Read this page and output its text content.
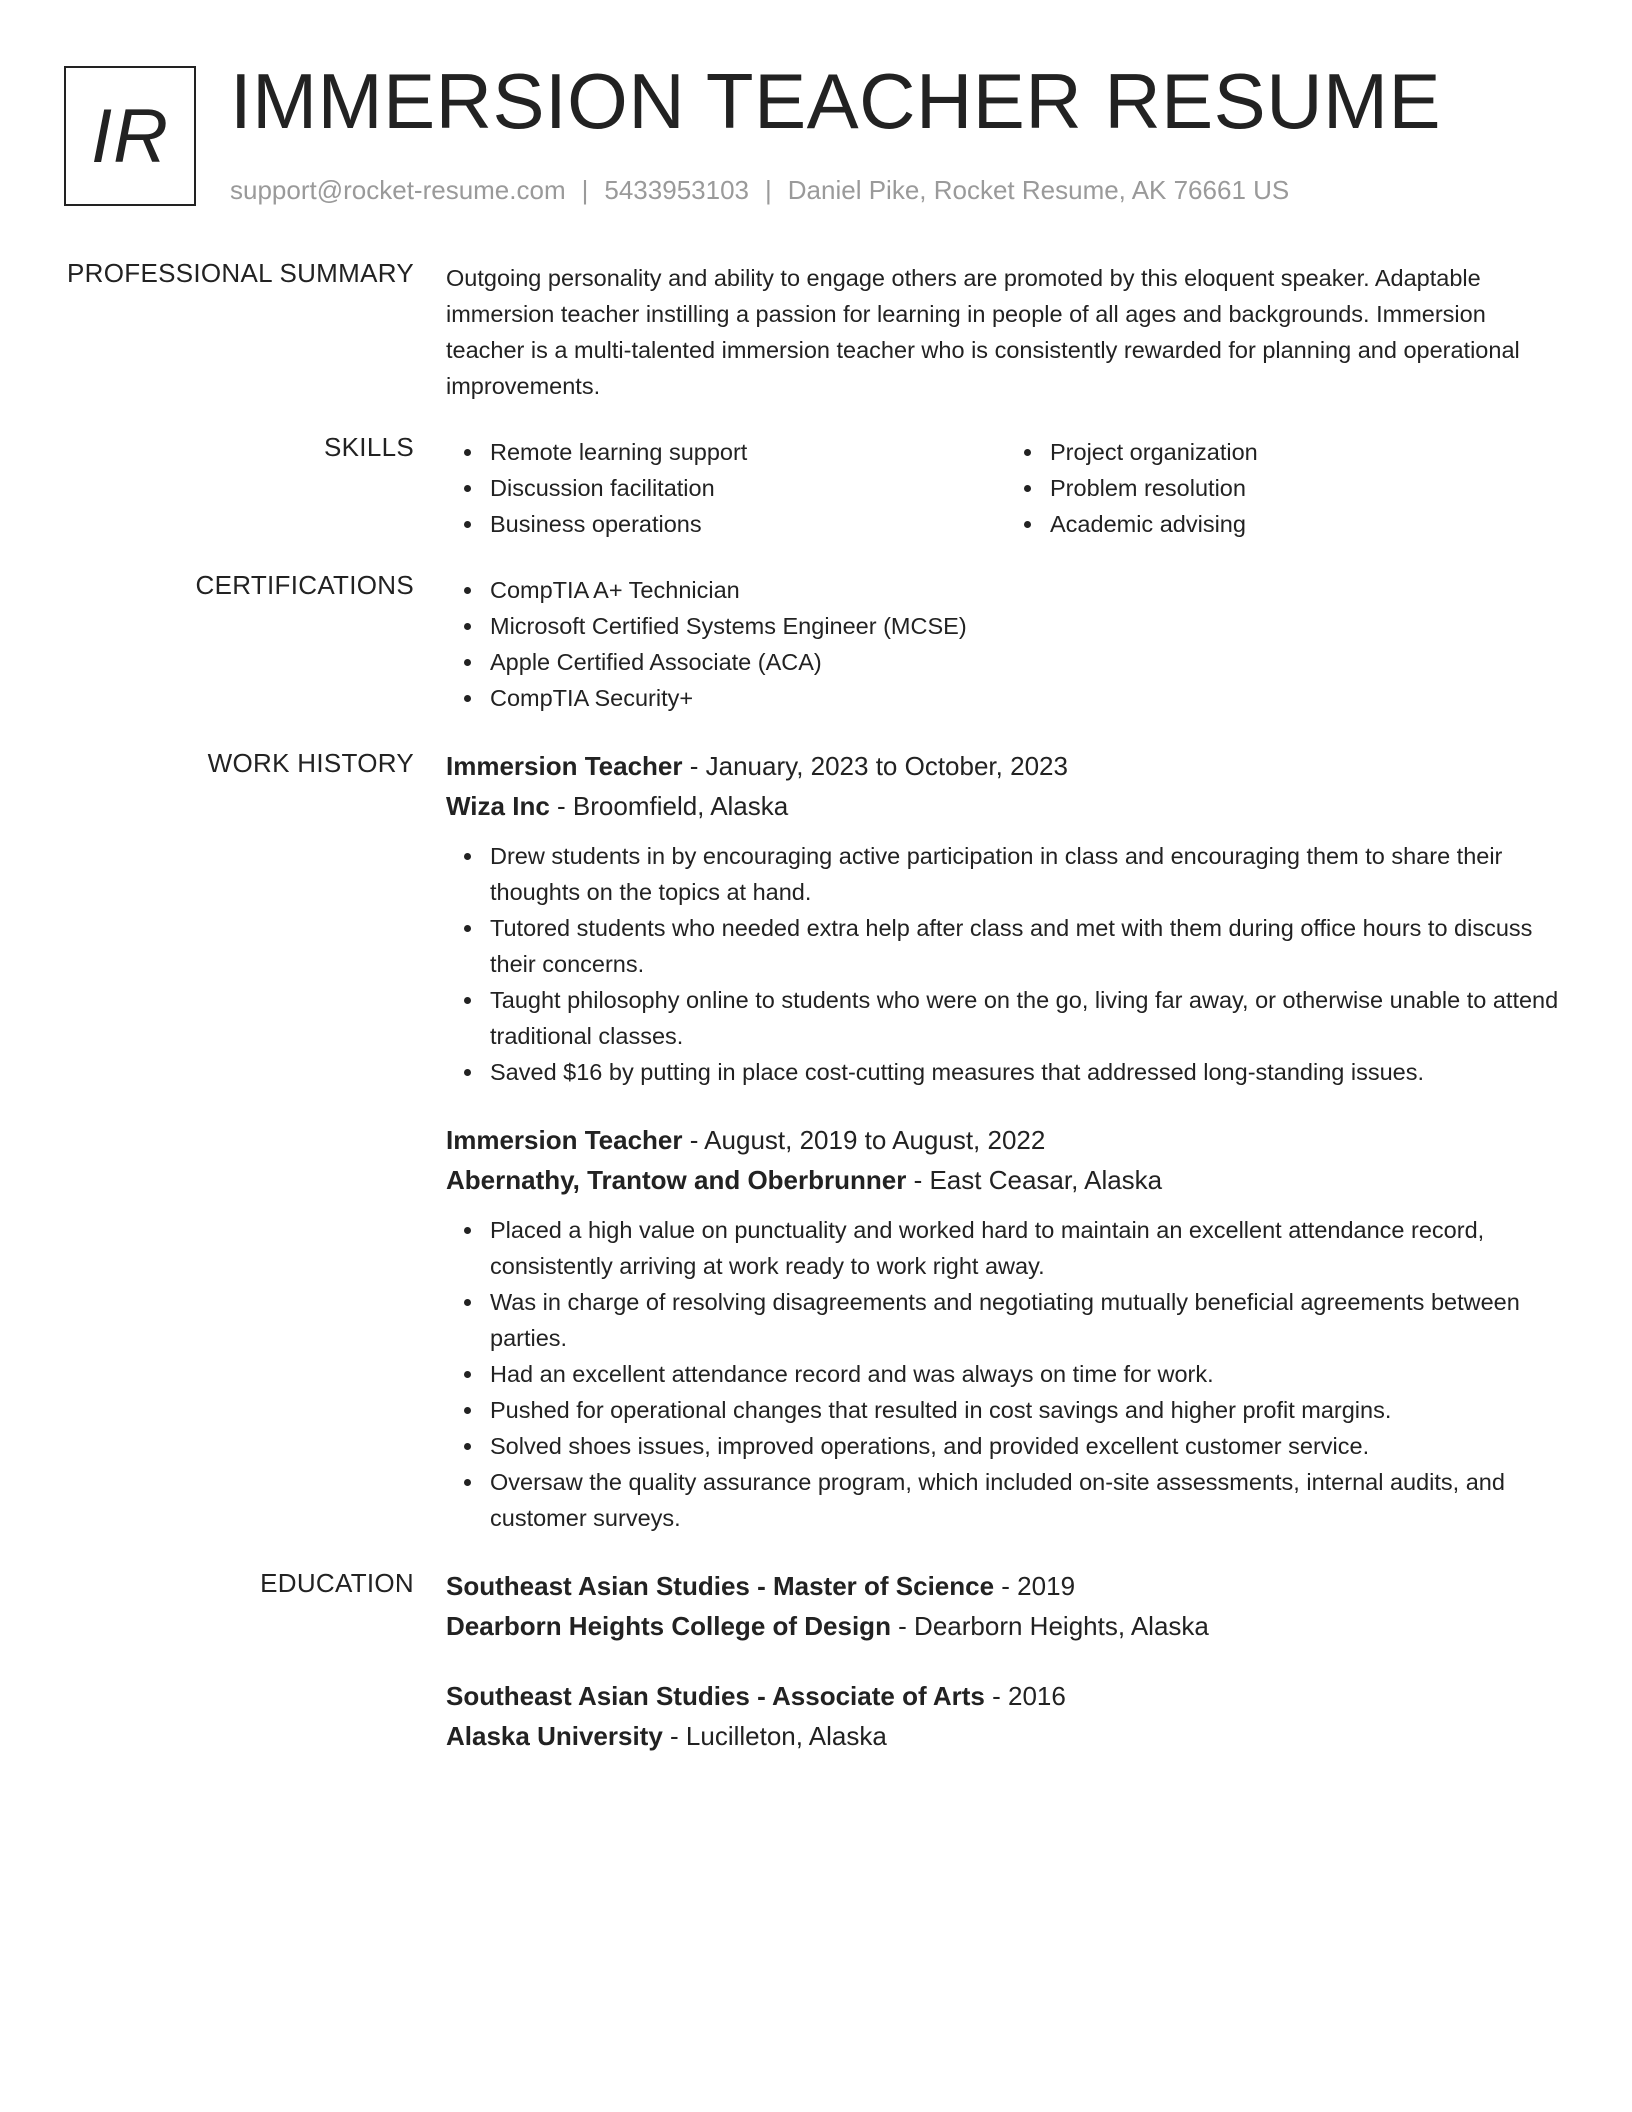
IR IMMERSION TEACHER RESUME
support@rocket-resume.com | 5433953103 | Daniel Pike, Rocket Resume, AK 76661 US
PROFESSIONAL SUMMARY Outgoing personality and ability to engage others are promoted by this eloquent speaker. Adaptable immersion teacher instilling a passion for learning in people of all ages and backgrounds. Immersion teacher is a multi-talented immersion teacher who is consistently rewarded for planning and operational improvements.

SKILLS	Remote learning support
Discussion facilitation
Business operations
Project organization
Problem resolution
Academic advising
CERTIFICATIONS	CompTIA A+ Technician
Microsoft Certified Systems Engineer (MCSE)
Apple Certified Associate (ACA)
CompTIA Security+
WORK HISTORY Immersion Teacher - January, 2023 to October, 2023
Wiza Inc - Broomfield, Alaska
Drew students in by encouraging active participation in class and encouraging them to share their thoughts on the topics at hand.
Tutored students who needed extra help after class and met with them during office hours to discuss their concerns.
Taught philosophy online to students who were on the go, living far away, or otherwise unable to attend traditional classes.
Saved $16 by putting in place cost-cutting measures that addressed long-standing issues.
Immersion Teacher - August, 2019 to August, 2022
Abernathy, Trantow and Oberbrunner - East Ceasar, Alaska
Placed a high value on punctuality and worked hard to maintain an excellent attendance record, consistently arriving at work ready to work right away.
Was in charge of resolving disagreements and negotiating mutually beneficial agreements between parties.
Had an excellent attendance record and was always on time for work.
Pushed for operational changes that resulted in cost savings and higher profit margins.
Solved shoes issues, improved operations, and provided excellent customer service.
Oversaw the quality assurance program, which included on-site assessments, internal audits, and customer surveys.
EDUCATION Southeast Asian Studies - Master of Science - 2019
Dearborn Heights College of Design - Dearborn Heights, Alaska
Southeast Asian Studies - Associate of Arts - 2016
Alaska University - Lucilleton, Alaska
